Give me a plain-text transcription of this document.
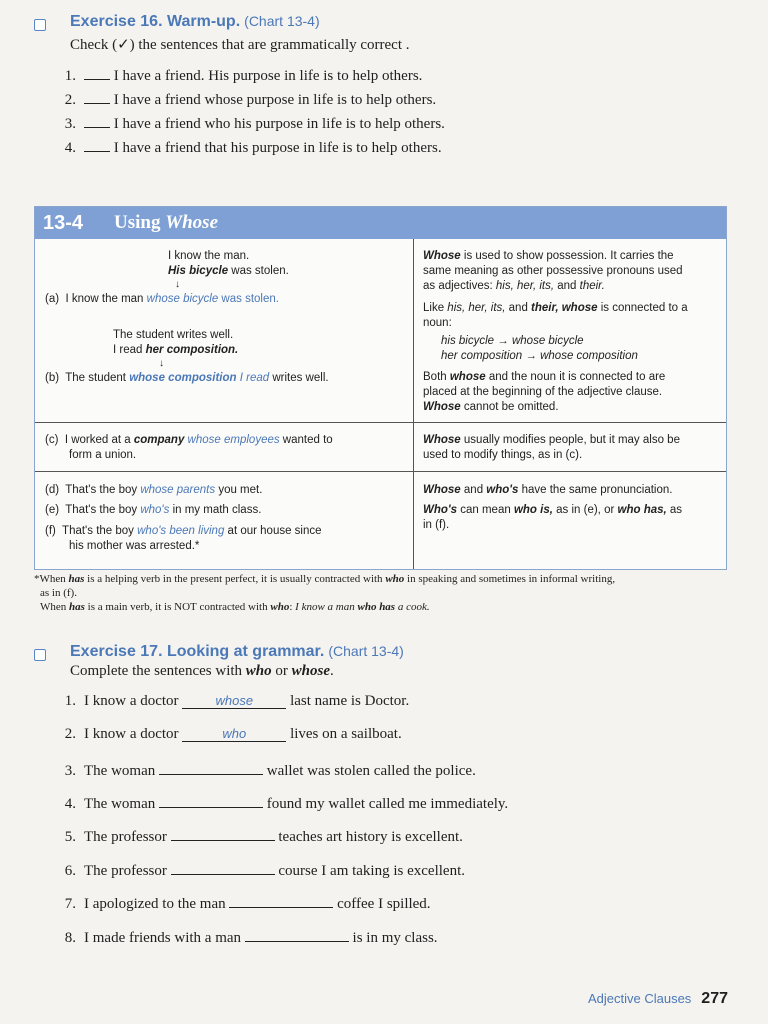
Exercise 16. Warm-up. (Chart 13-4)
Check (✓) the sentences that are grammatically correct .
1.	I have a friend. His purpose in life is to help others.
2.	I have a friend whose purpose in life is to help others.
3.	I have a friend who his purpose in life is to help others.
4.	I have a friend that his purpose in life is to help others.
13-4 Using Whose
I know the man.
His bicycle was stolen.
↓
(a) I know the man whose bicycle was stolen.
The student writes well.
I read her composition.
↓
(b) The student whose composition I read writes well.
Whose is used to show possession. It carries the
same meaning as other possessive pronouns used
as adjectives: his, her, its, and their.
Like his, her, its, and their, whose is connected to a
noun:
his bicycle → whose bicycle
her composition → whose composition
Both whose and the noun it is connected to are
placed at the beginning of the adjective clause.
Whose cannot be omitted.
(c) I worked at a company whose employees wanted to
form a union.
Whose usually modifies people, but it may also be
used to modify things, as in (c).
(d) That's the boy whose parents you met.
(e) That's the boy who's in my math class.
(f) That's the boy who's been living at our house since
his mother was arrested.*
Whose and who's have the same pronunciation.
Who's can mean who is, as in (e), or who has, as
in (f).
*When has is a helping verb in the present perfect, it is usually contracted with who in speaking and sometimes in informal writing,
as in (f).
When has is a main verb, it is NOT contracted with who: I know a man who has a cook.
Exercise 17. Looking at grammar. (Chart 13-4)
Complete the sentences with who or whose.
1. I know a doctor	whose last name is Doctor.
2. I know a doctor	who	lives on a sailboat.
3. The woman	wallet was stolen called the police.
4. The woman	found my wallet called me immediately.
5. The professor	teaches art history is excellent.
6. The professor	course I am taking is excellent.
7. I apologized to the man	coffee I spilled.
8. I made friends with a man	is in my class.
Adjective Clauses 277
